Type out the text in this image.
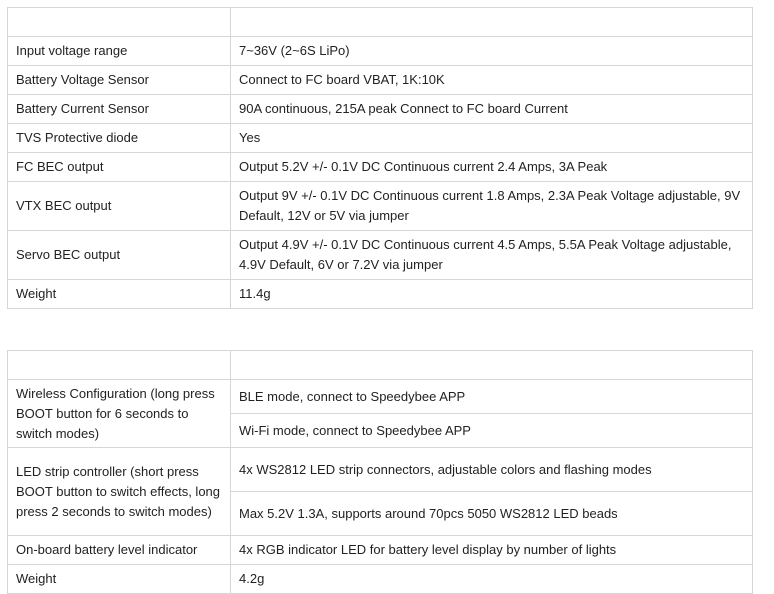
Input voltage range	7~36V (2~6S LiPo)
Battery Voltage Sensor	Connect to FC board VBAT, 1K:10K
Battery Current Sensor	90A continuous, 215A peak Connect to FC board Current
TVS Protective diode	Yes
FC BEC output	Output 5.2V +/- 0.1V DC Continuous current 2.4 Amps, 3A Peak
VTX BEC output	Output 9V +/- 0.1V DC Continuous current 1.8 Amps, 2.3A Peak Voltage adjustable, 9V Default, 12V or 5V via jumper
Servo BEC output	Output 4.9V +/- 0.1V DC Continuous current 4.5 Amps, 5.5A Peak Voltage adjustable, 4.9V Default, 6V or 7.2V via jumper
Weight	11.4g

Wireless Configuration (long press BOOT button for 6 seconds to switch modes)	BLE mode, connect to Speedybee APP
	Wi-Fi mode, connect to Speedybee APP
LED strip controller (short press BOOT button to switch effects, long press 2 seconds to switch modes)	4x WS2812 LED strip connectors, adjustable colors and flashing modes
	Max 5.2V 1.3A, supports around 70pcs 5050 WS2812 LED beads
On-board battery level indicator	4x RGB indicator LED for battery level display by number of lights
Weight	4.2g
